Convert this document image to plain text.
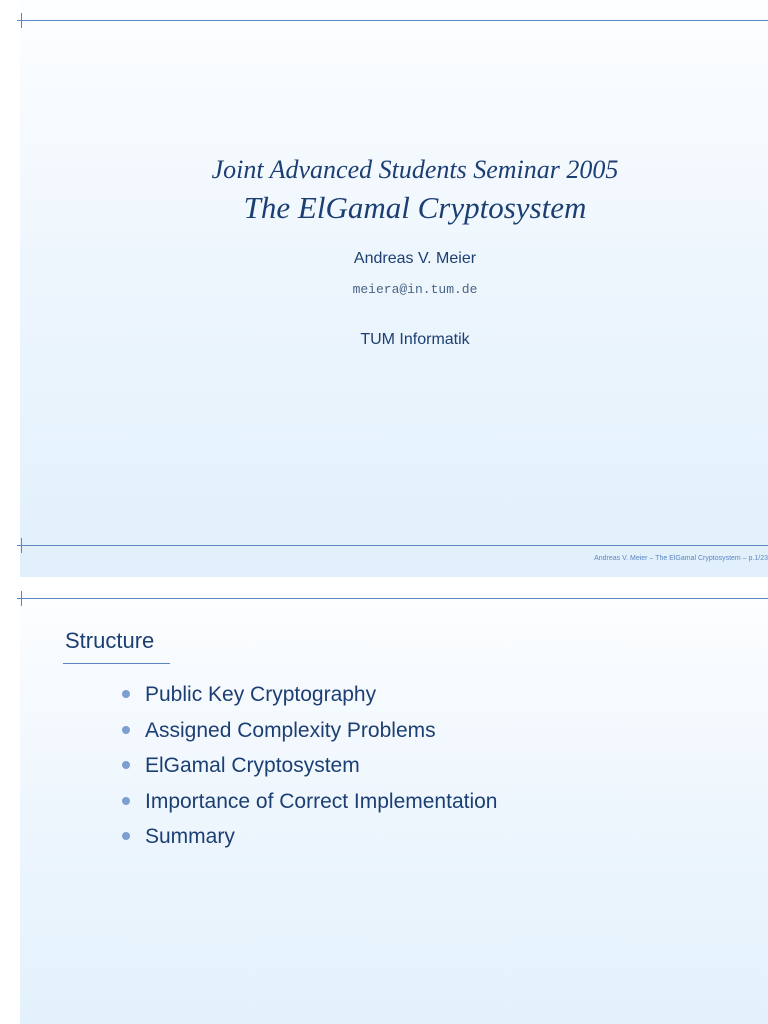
Joint Advanced Students Seminar 2005
The ElGamal Cryptosystem
Andreas V. Meier
meiera@in.tum.de
TUM Informatik
Andreas V. Meier – The ElGamal Cryptosystem – p.1/23
Structure
Public Key Cryptography
Assigned Complexity Problems
ElGamal Cryptosystem
Importance of Correct Implementation
Summary
